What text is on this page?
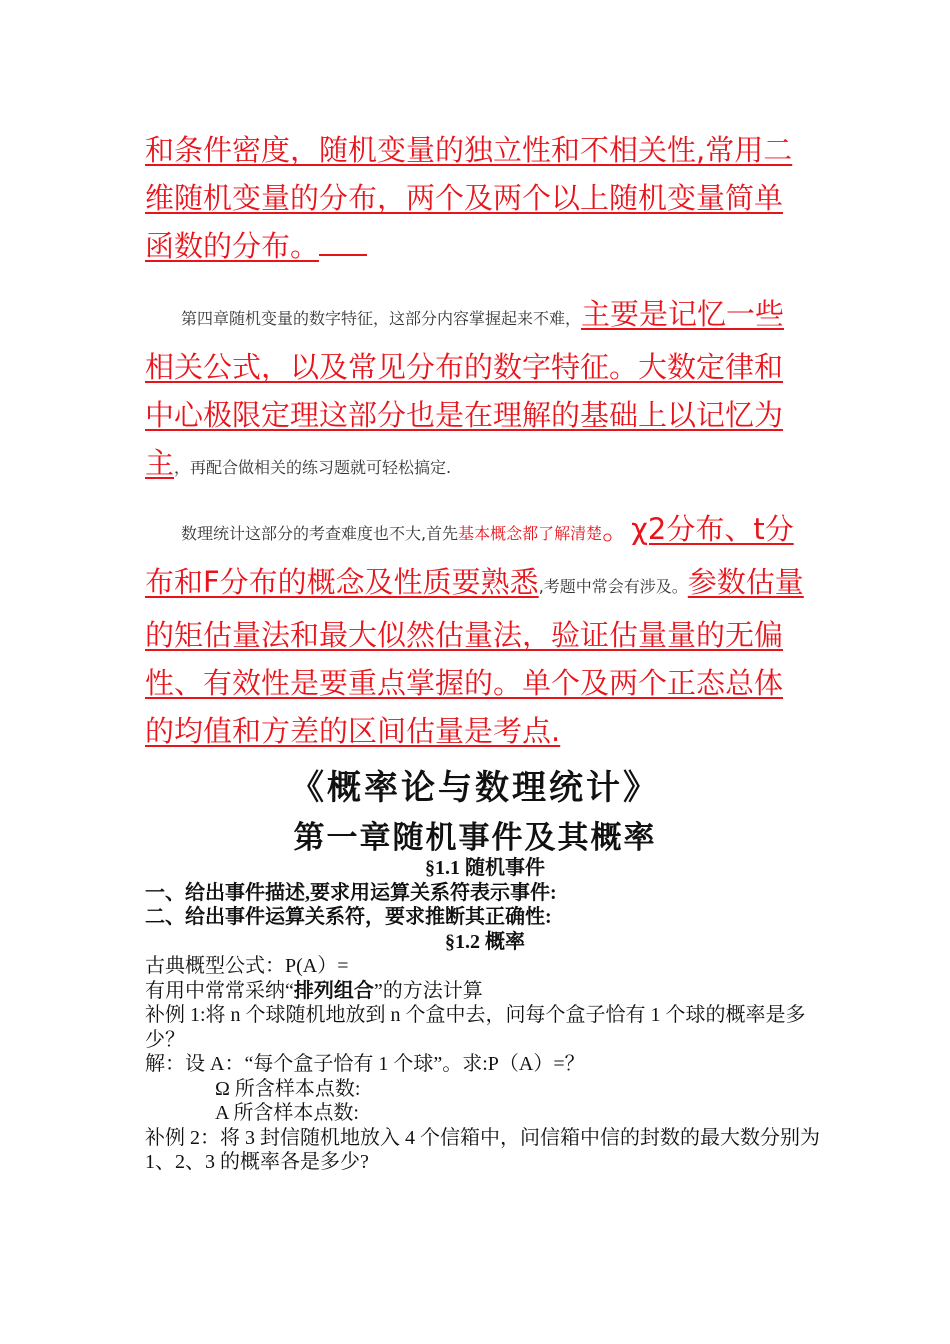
和条件密度，随机变量的独立性和不相关性,常用二维随机变量的分布，两个及两个以上随机变量简单函数的分布。

第四章随机变量的数字特征，这部分内容掌握起来不难，主要是记忆一些相关公式，以及常见分布的数字特征。大数定律和中心极限定理这部分也是在理解的基础上以记忆为主，再配合做相关的练习题就可轻松搞定.

数理统计这部分的考查难度也不大,首先基本概念都了解清楚。χ2分布、t分布和F分布的概念及性质要熟悉,考题中常会有涉及。参数估量的矩估量法和最大似然估量法，验证估量量的无偏性、有效性是要重点掌握的。单个及两个正态总体的均值和方差的区间估量是考点.

《概率论与数理统计》
第一章随机事件及其概率

§1.1 随机事件

一、给出事件描述,要求用运算关系符表示事件:

二、给出事件运算关系符，要求推断其正确性:

§1.2 概率

古典概型公式：P(A）=

有用中常常采纳“排列组合”的方法计算

补例 1:将 n 个球随机地放到 n 个盒中去，问每个盒子恰有 1 个球的概率是多少？

解：设 A：“每个盒子恰有 1 个球”。求:P（A）=？

Ω 所含样本点数:

A 所含样本点数:

补例 2：将 3 封信随机地放入 4 个信箱中，问信箱中信的封数的最大数分别为 1、2、3 的概率各是多少?
